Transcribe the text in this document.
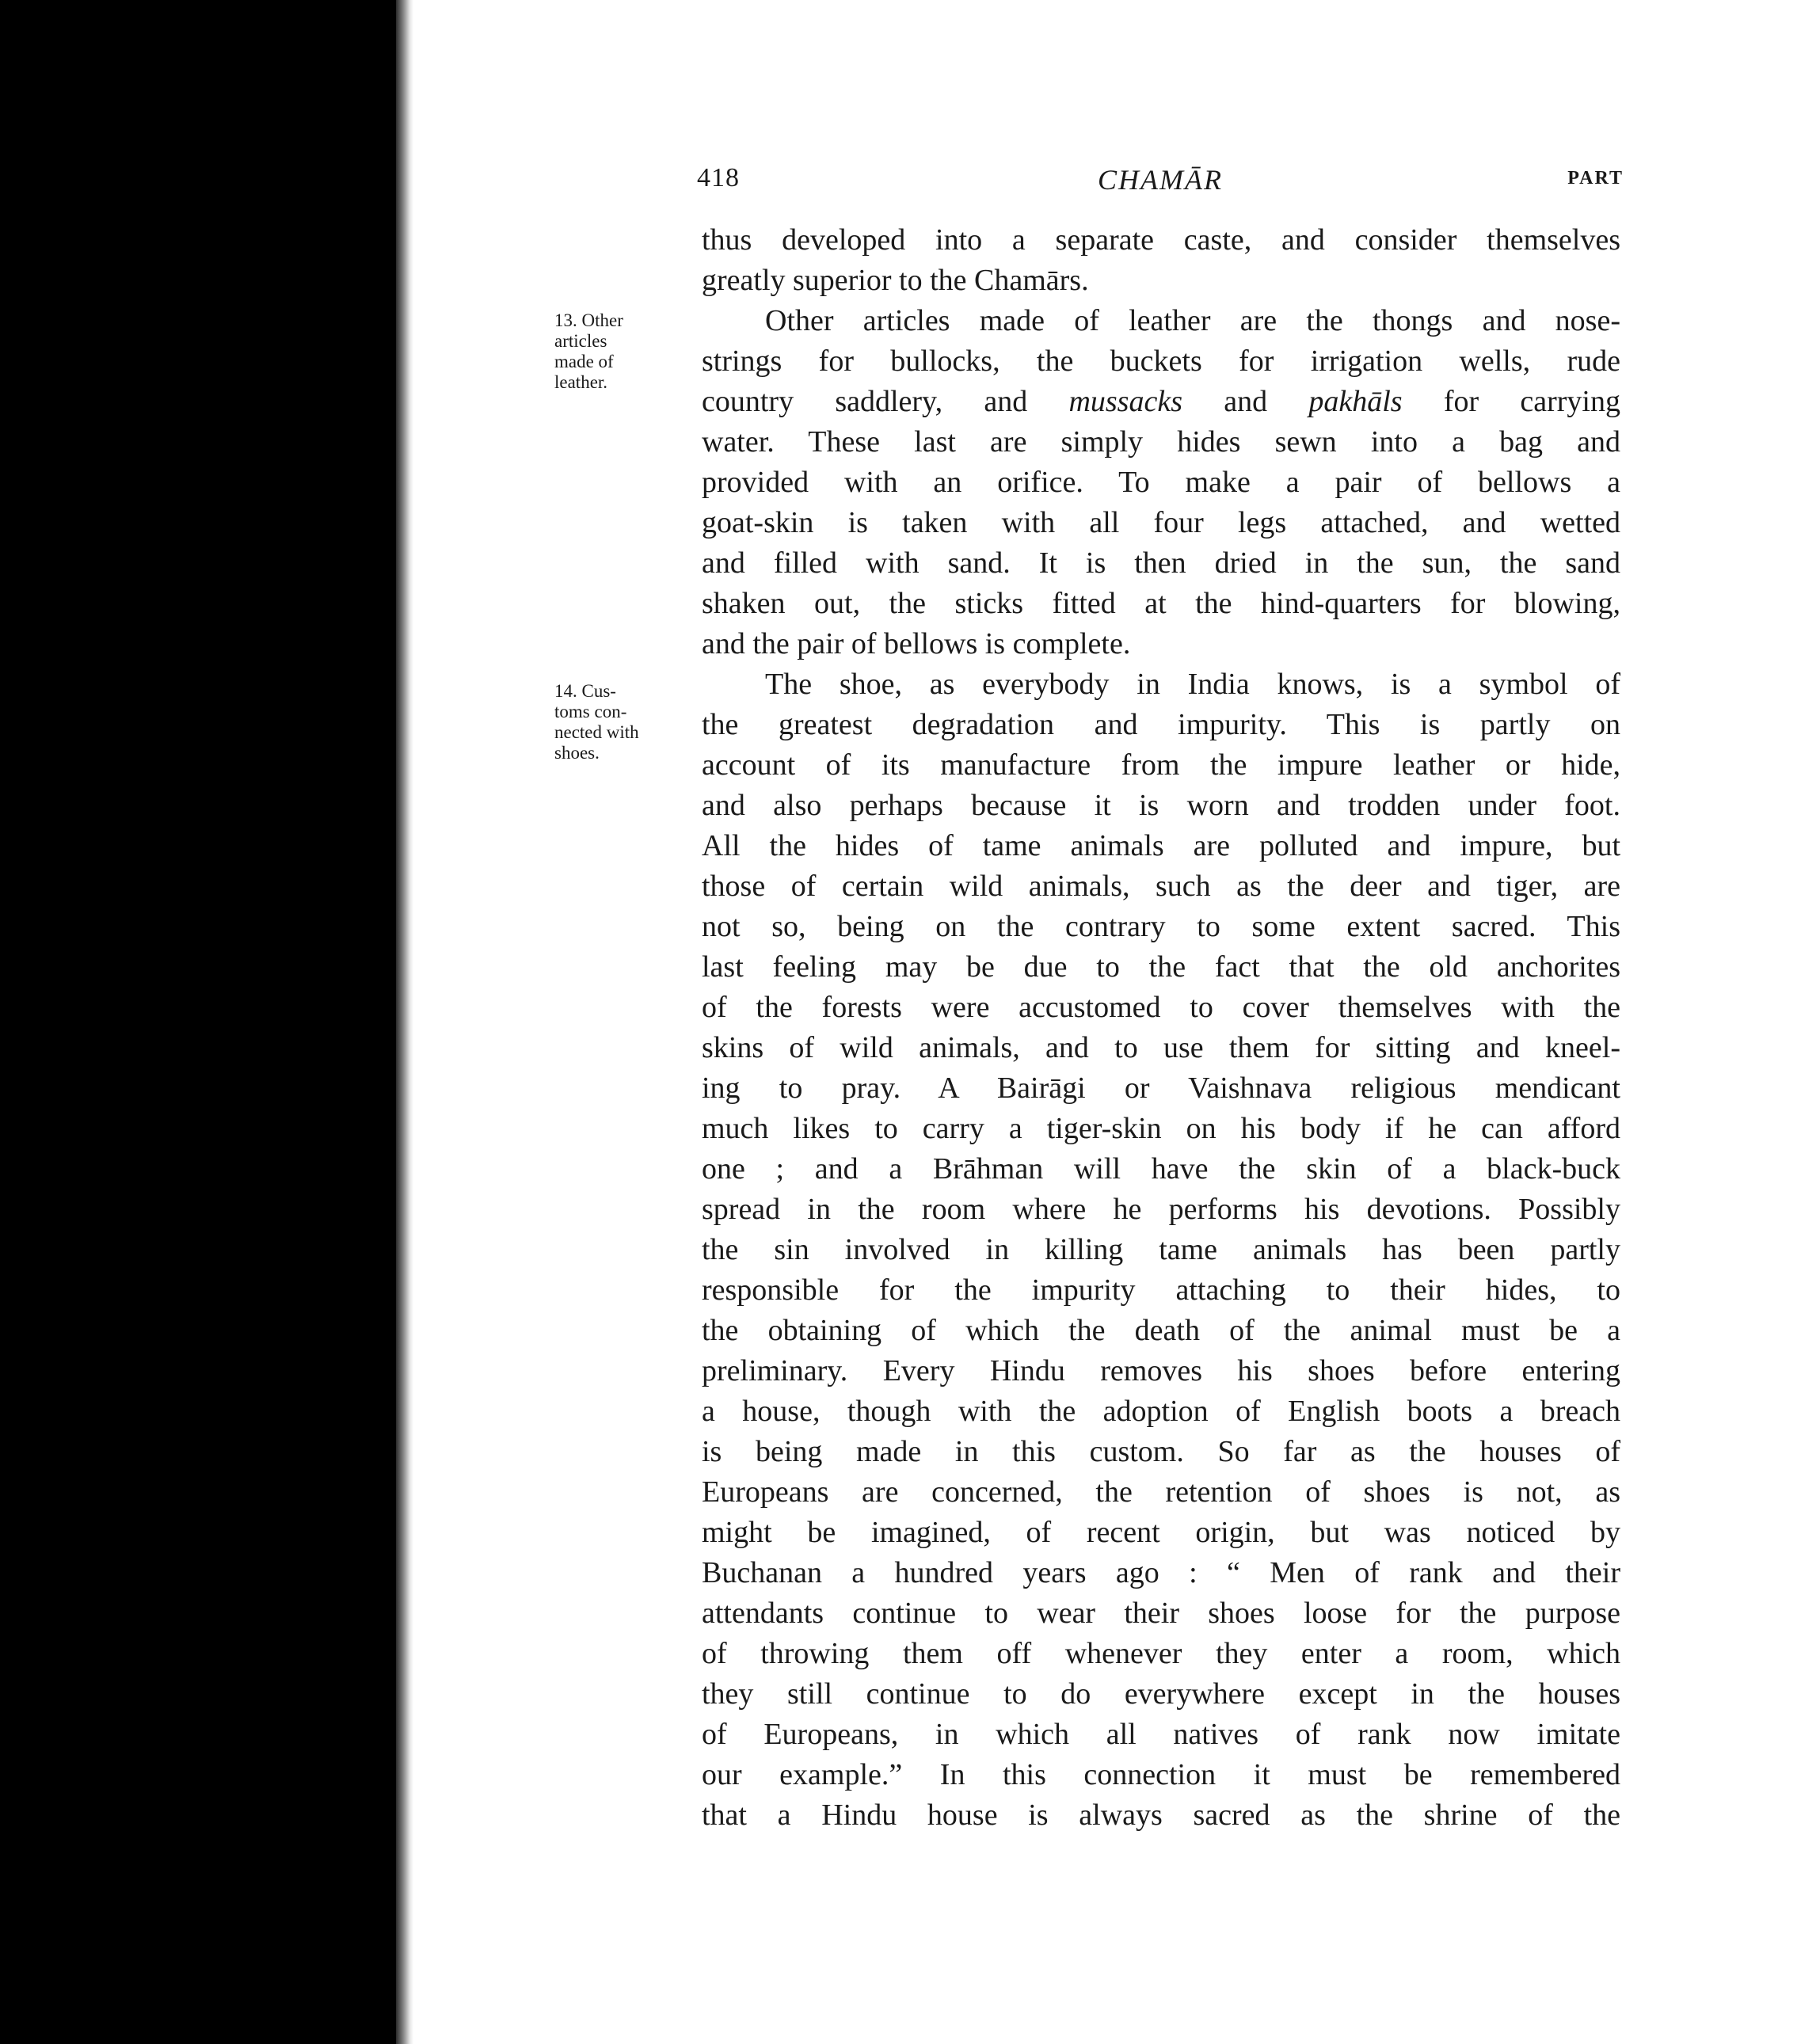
418	CHAMĀR	PART
13. Other
articles
made of
leather.
14. Cus-
toms con-
nected with
shoes.
thus developed into a separate caste, and consider themselves
greatly superior to the Chamārs.
Other articles made of leather are the thongs and nose-
strings for bullocks, the buckets for irrigation wells, rude
country saddlery, and mussacks and pakhāls for carrying
water. These last are simply hides sewn into a bag and
provided with an orifice. To make a pair of bellows a
goat-skin is taken with all four legs attached, and wetted
and filled with sand. It is then dried in the sun, the sand
shaken out, the sticks fitted at the hind-quarters for blowing,
and the pair of bellows is complete.
The shoe, as everybody in India knows, is a symbol of
the greatest degradation and impurity. This is partly on
account of its manufacture from the impure leather or hide,
and also perhaps because it is worn and trodden under foot.
All the hides of tame animals are polluted and impure, but
those of certain wild animals, such as the deer and tiger, are
not so, being on the contrary to some extent sacred. This
last feeling may be due to the fact that the old anchorites
of the forests were accustomed to cover themselves with the
skins of wild animals, and to use them for sitting and kneel-
ing to pray. A Bairāgi or Vaishnava religious mendicant
much likes to carry a tiger-skin on his body if he can afford
one ; and a Brāhman will have the skin of a black-buck
spread in the room where he performs his devotions. Possibly
the sin involved in killing tame animals has been partly
responsible for the impurity attaching to their hides, to
the obtaining of which the death of the animal must be a
preliminary. Every Hindu removes his shoes before entering
a house, though with the adoption of English boots a breach
is being made in this custom. So far as the houses of
Europeans are concerned, the retention of shoes is not, as
might be imagined, of recent origin, but was noticed by
Buchanan a hundred years ago : “ Men of rank and their
attendants continue to wear their shoes loose for the purpose
of throwing them off whenever they enter a room, which
they still continue to do everywhere except in the houses
of Europeans, in which all natives of rank now imitate
our example.” In this connection it must be remembered
that a Hindu house is always sacred as the shrine of the
